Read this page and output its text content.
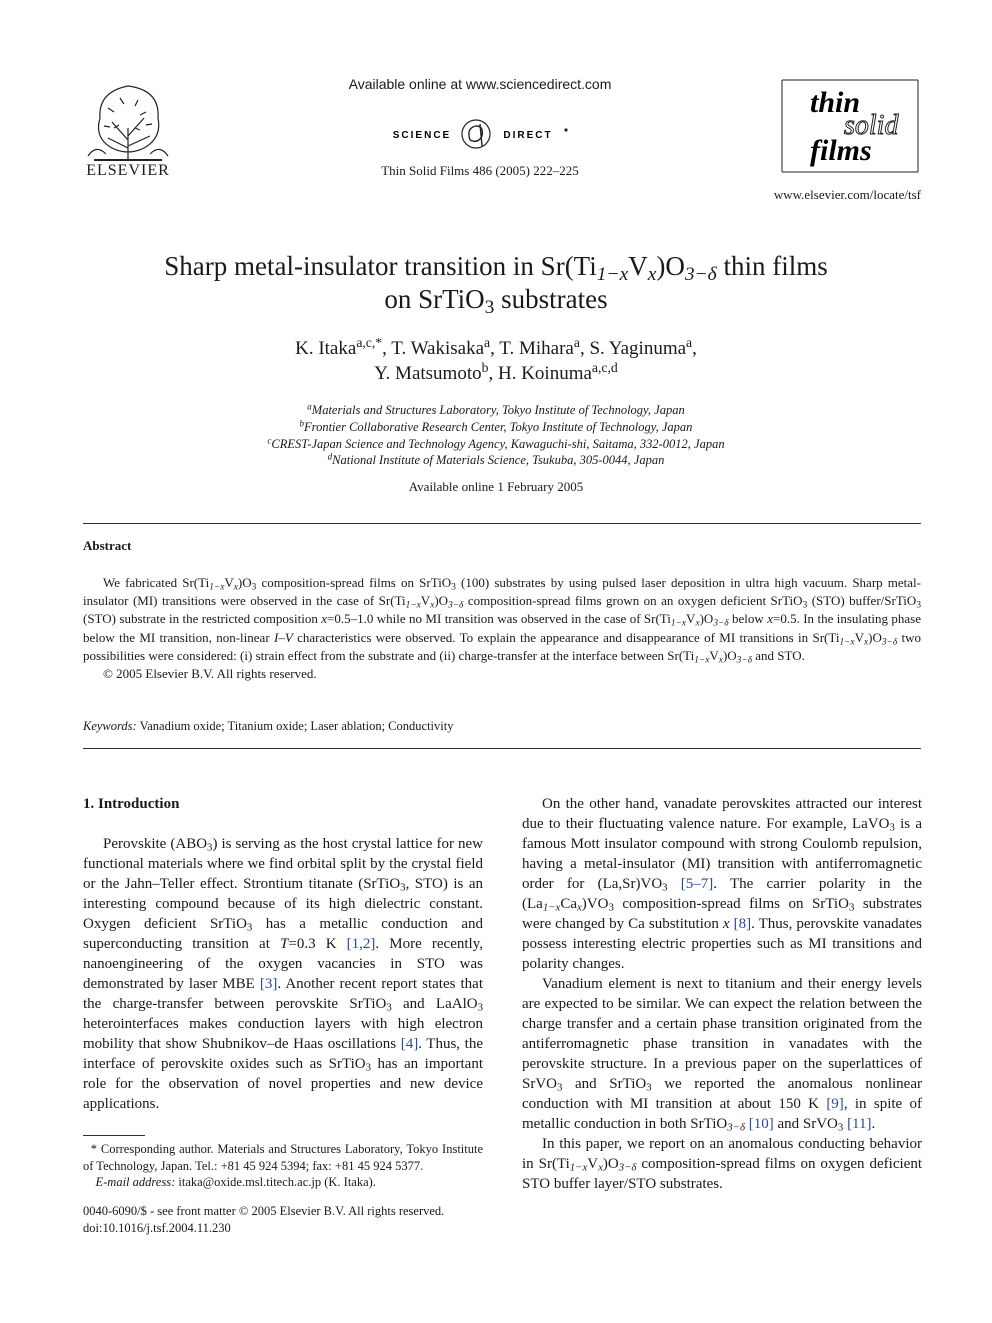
ELSEVIER
Available online at www.sciencedirect.com
SCIENCE	DIRECT
Thin Solid Films 486 (2005) 222–225
thin
solid
films
www.elsevier.com/locate/tsf
Sharp metal-insulator transition in $Sr(Ti_{1-x}V_x)O_{3-\delta}$ thin films
on SrTiO$_3$ substrates
K. Itaka$^{a,c,*}$, T. Wakisaka$^a$, T. Mihara$^a$, S. Yaginuma$^a$,
Y. Matsumoto$^b$, H. Koinuma$^{a,c,d}$
$^a$Materials and Structures Laboratory, Tokyo Institute of Technology, Japan
$^b$Frontier Collaborative Research Center, Tokyo Institute of Technology, Japan
$^c$CREST-Japan Science and Technology Agency, Kawaguchi-shi, Saitama, 332-0012, Japan
$^d$National Institute of Materials Science, Tsukuba, 305-0044, Japan
Available online 1 February 2005
Abstract

We fabricated $Sr(Ti_{1-x}V_x)O_3$ composition-spread films on SrTiO$_3$ (100) substrates by using pulsed laser deposition in ultra high vacuum. Sharp metal-insulator (MI) transitions were observed in the case of $Sr(Ti_{1-x}V_x)O_{3-\delta}$ composition-spread films grown on an oxygen deficient SrTiO$_3$ (STO) buffer/SrTiO$_3$ (STO) substrate in the restricted composition x=0.5–1.0 while no MI transition was observed in the case of $Sr(Ti_{1-x}V_x)O_{3-\delta}$ below x=0.5. In the insulating phase below the MI transition, non-linear I–V characteristics were observed. To explain the appearance and disappearance of MI transitions in $Sr(Ti_{1-x}V_x)O_{3-\delta}$ two possibilities were considered: (i) strain effect from the substrate and (ii) charge-transfer at the interface between $Sr(Ti_{1-x}V_x)O_{3-\delta}$ and STO.

© 2005 Elsevier B.V. All rights reserved.

Keywords: Vanadium oxide; Titanium oxide; Laser ablation; Conductivity

1. Introduction

Perovskite $(ABO_3)$ is serving as the host crystal lattice for new functional materials where we find orbital split by the crystal field or the Jahn–Teller effect. Strontium titanate (SrTiO$_3$, STO) is an interesting compound because of its high dielectric constant. Oxygen deficient SrTiO$_3$ has a metallic conduction and superconducting transition at T=0.3 K [1,2]. More recently, nanoengineering of the oxygen vacancies in STO was demonstrated by laser MBE [3]. Another recent report states that the charge-transfer between perovskite SrTiO$_3$ and LaAlO$_3$ heterointerfaces makes conduction layers with high electron mobility that show Shubnikov–de Haas oscillations [4]. Thus, the interface of perovskite oxides such as SrTiO$_3$ has an important role for the observation of novel properties and new device applications.

On the other hand, vanadate perovskites attracted our interest due to their fluctuating valence nature. For example, LaVO$_3$ is a famous Mott insulator compound with strong Coulomb repulsion, having a metal-insulator (MI) transition with antiferromagnetic order for $(La,Sr)VO_3$ [5–7]. The carrier polarity in the $(La_{1-x}Ca_x)VO_3$ composition-spread films on SrTiO$_3$ substrates were changed by Ca substitution x [8]. Thus, perovskite vanadates possess interesting electric properties such as MI transitions and polarity changes.

Vanadium element is next to titanium and their energy levels are expected to be similar. We can expect the relation between the charge transfer and a certain phase transition originated from the antiferromagnetic phase transition in vanadates with the perovskite structure. In a previous paper on the superlattices of SrVO$_3$ and SrTiO$_3$ we reported the anomalous nonlinear conduction with MI transition at about 150 K [9], in spite of metallic conduction in both SrTiO$_{3-\delta}$ [10] and SrVO$_3$ [11].

In this paper, we report on an anomalous conducting behavior in $Sr(Ti_{1-x}V_x)O_{3-\delta}$ composition-spread films on oxygen deficient STO buffer layer/STO substrates.

* Corresponding author. Materials and Structures Laboratory, Tokyo Institute of Technology, Japan. Tel.: +81 45 924 5394; fax: +81 45 924 5377.

E-mail address: itaka@oxide.msl.titech.ac.jp (K. Itaka).

0040-6090/$ - see front matter © 2005 Elsevier B.V. All rights reserved.
doi:10.1016/j.tsf.2004.11.230
